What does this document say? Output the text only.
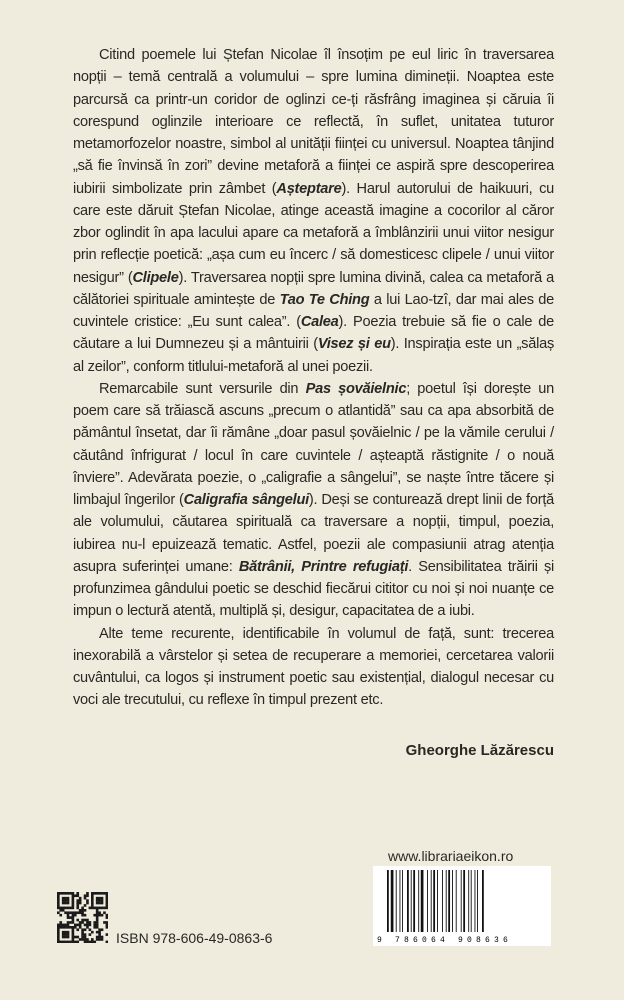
Citind poemele lui Ștefan Nicolae îl însoțim pe eul liric în traversarea nopții – temă centrală a volumului – spre lumina dimineții. Noaptea este parcursă ca printr-un coridor de oglinzi ce-ți răsfrâng imaginea și căruia îi corespund oglinzile interioare ce reflectă, în suflet, unitatea tuturor metamorfozelor noastre, simbol al unității ființei cu universul. Noaptea tânjind „să fie învinsă în zori” devine metaforă a ființei ce aspiră spre descoperirea iubirii simbolizate prin zâmbet (Așteptare). Harul autorului de haikuuri, cu care este dăruit Ștefan Nicolae, atinge această imagine a cocorilor al căror zbor oglindit în apa lacului apare ca metaforă a îmblânzirii unui viitor nesigur prin reflecție poetică: „așa cum eu încerc / să domesticesc clipele / unui viitor nesigur” (Clipele). Traversarea nopții spre lumina divină, calea ca metaforă a călătoriei spirituale amintește de Tao Te Ching a lui Lao-tzî, dar mai ales de cuvintele cristice: „Eu sunt calea”. (Calea). Poezia trebuie să fie o cale de căutare a lui Dumnezeu și a mântuirii (Visez și eu). Inspirația este un „sălaș al zeilor”, conform titlului-metaforă al unei poezii.

Remarcabile sunt versurile din Pas șovăielnic; poetul își dorește un poem care să trăiască ascuns „precum o atlantidă” sau ca apa absorbită de pământul însetat, dar îi rămâne „doar pasul șovăielnic / pe la vămile cerului / căutând înfrigurat / locul în care cuvintele / așteaptă răstignite / o nouă înviere”. Adevărata poezie, o „caligrafie a sângelui”, se naște între tăcere și limbajul îngerilor (Caligrafia sângelui). Deși se conturează drept linii de forță ale volumului, căutarea spirituală ca traversare a nopții, timpul, poezia, iubirea nu-l epuizează tematic. Astfel, poezii ale compasiunii atrag atenția asupra suferinței umane: Bătrânii, Printre refugiați. Sensibilitatea trăirii și profunzimea gândului poetic se deschid fiecărui cititor cu noi și noi nuanțe ce impun o lectură atentă, multiplă și, desigur, capacitatea de a iubi.

Alte teme recurente, identificabile în volumul de față, sunt: trecerea inexorabilă a vârstelor și setea de recuperare a memoriei, cercetarea valorii cuvântului, ca logos și instrument poetic sau existențial, dialogul necesar cu voci ale trecutului, cu reflexe în timpul prezent etc.

Gheorghe Lăzărescu
www.librariaeikon.ro
9 786064 908636
ISBN 978-606-49-0863-6
